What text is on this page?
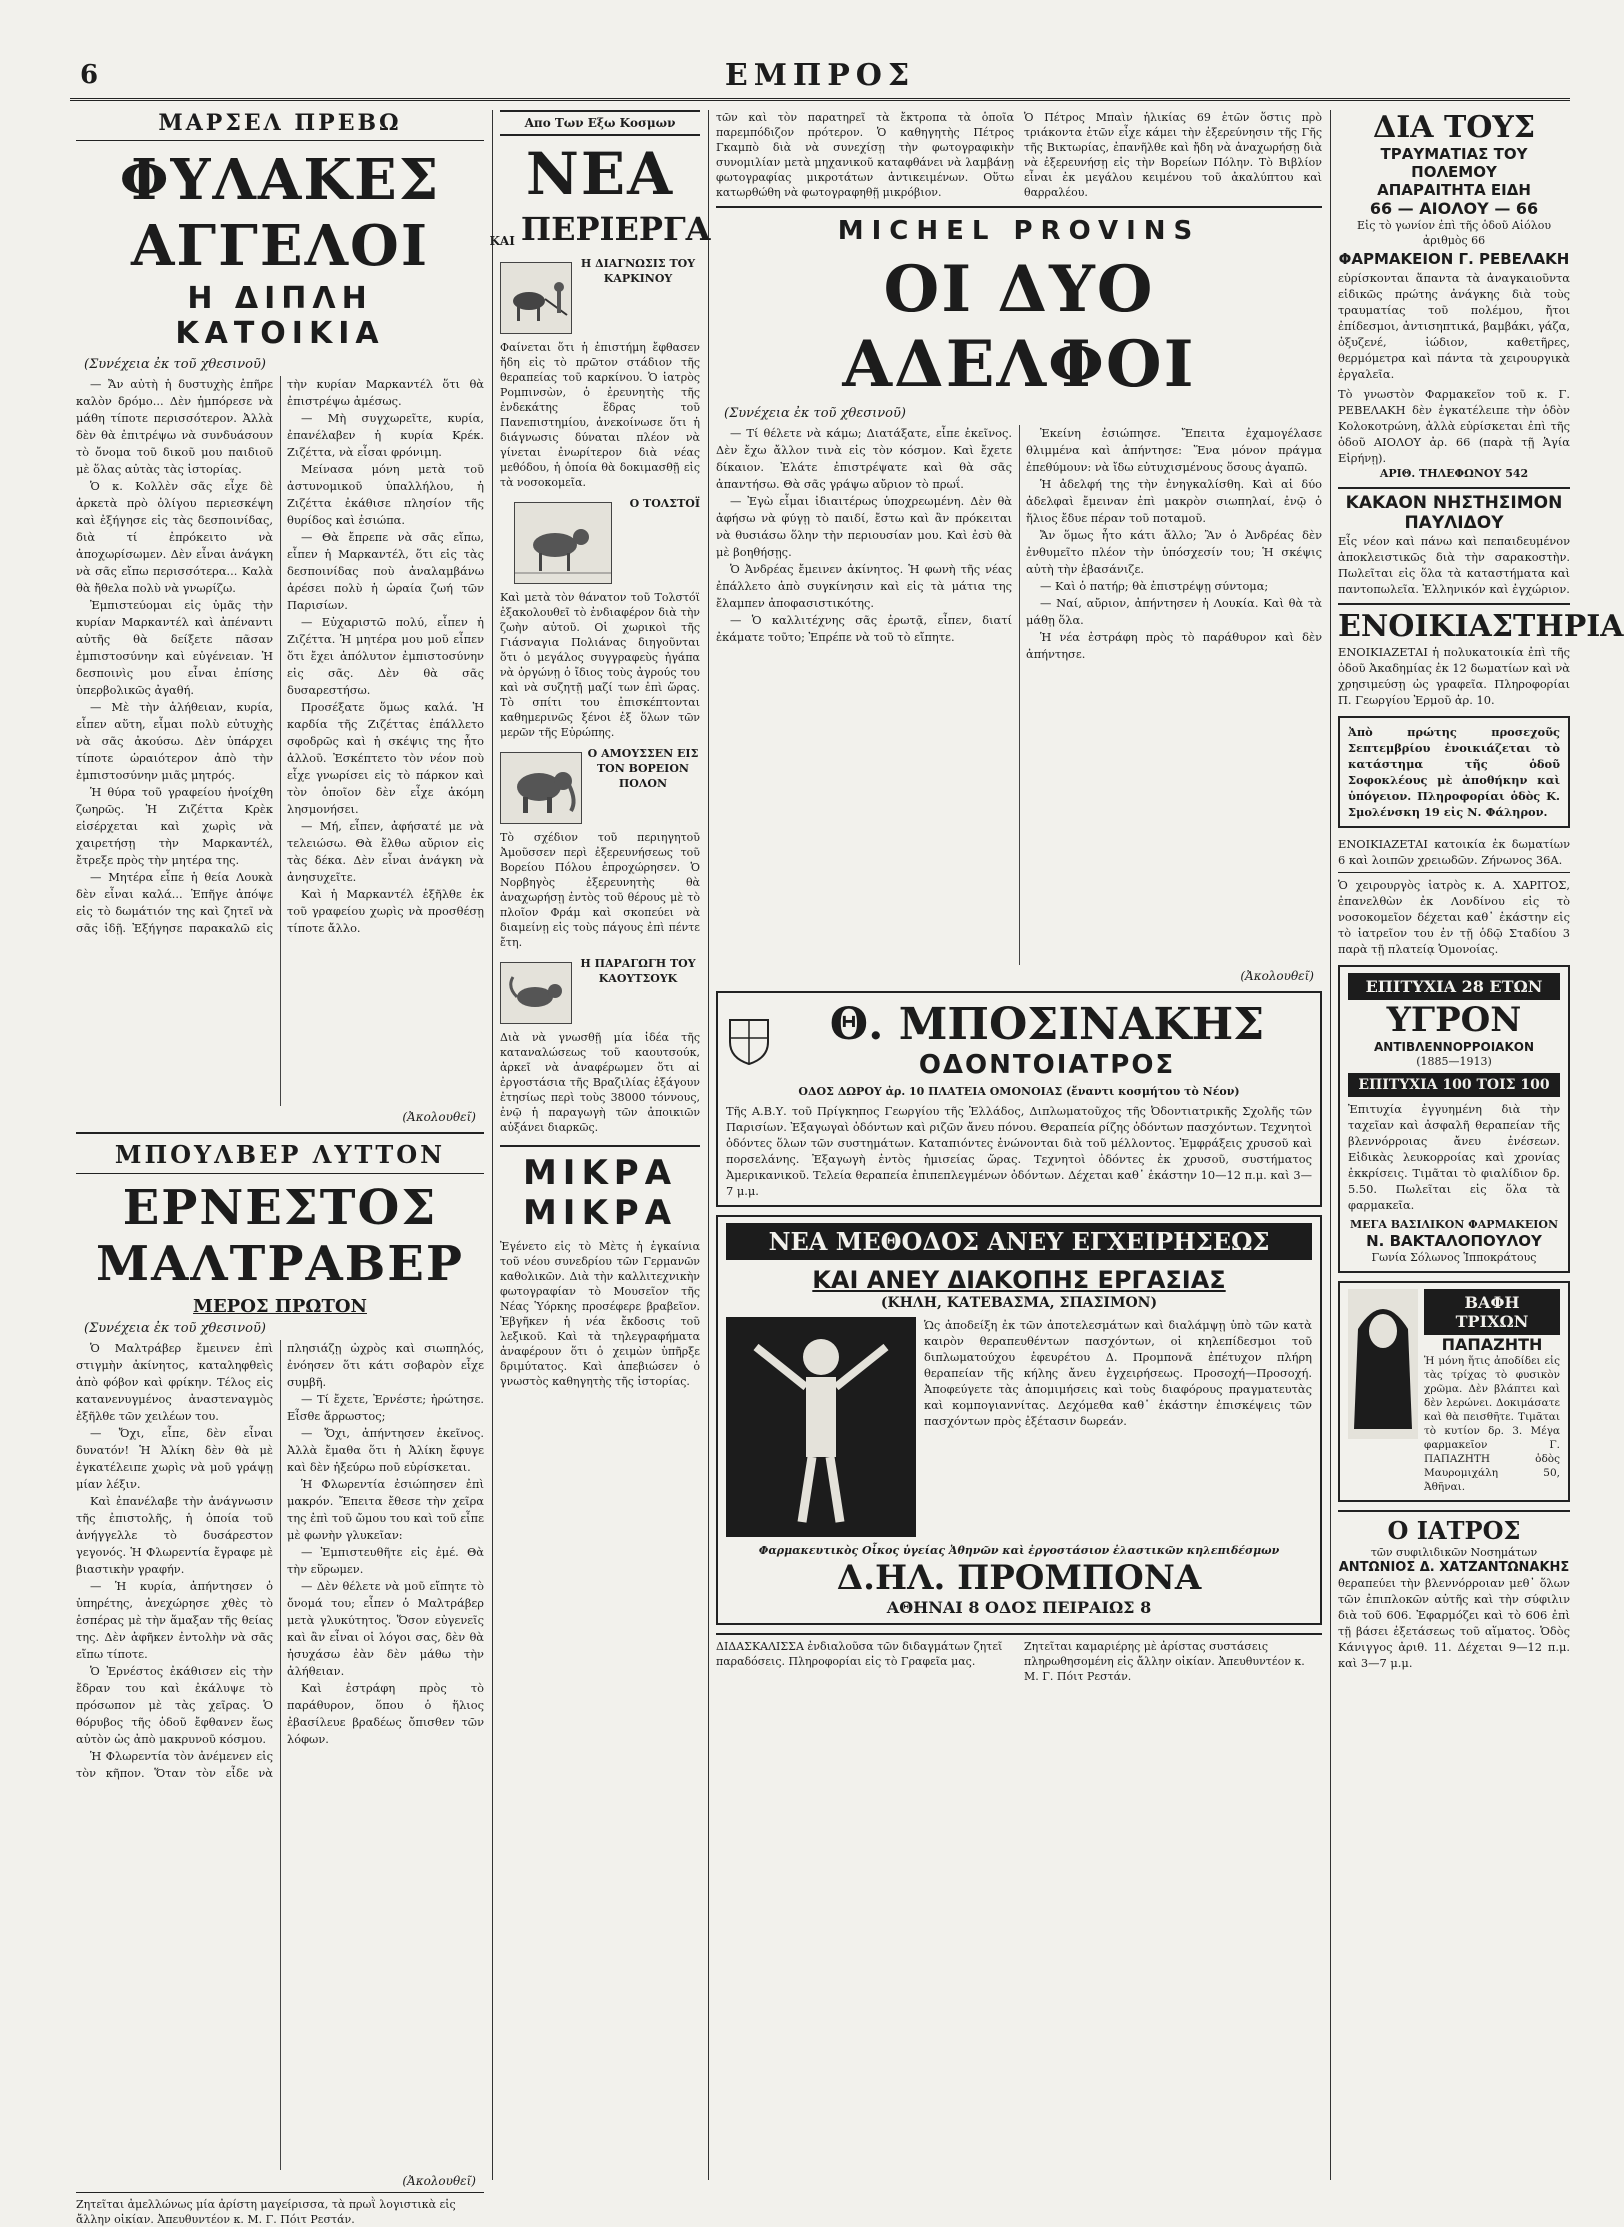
6	ΕΜΠΡΟΣ
ΜΑΡΣΕΛ ΠΡΕΒΩ
ΦΥΛΑΚΕΣ ΑΓΓΕΛΟΙ
Η ΔΙΠΛΗ ΚΑΤΟΙΚΙΑ
(Συνέχεια ἐκ τοῦ χθεσινοῦ)

— Ἄν αὐτὴ ἡ δυστυχὴς ἐπῆρε καλὸν δρόμο... Δὲν ἠμπόρεσε νὰ μάθη τίποτε περισσότερον. Ἀλλὰ δὲν θὰ ἐπιτρέψω νὰ συνδυάσουν τὸ ὄνομα τοῦ δικοῦ μου παιδιοῦ μὲ ὅλας αὐτὰς τὰς ἱστορίας.

Ὁ κ. Κολλὲν σᾶς εἶχε δὲ ἀρκετὰ πρὸ ὀλίγου περιεσκέψη καὶ ἐξήγησε εἰς τὰς δεσποινίδας, διὰ τί ἐπρόκειτο νὰ ἀποχωρίσωμεν. Δὲν εἶναι ἀνάγκη νὰ σᾶς εἴπω περισσότερα... Καλὰ θὰ ἤθελα πολὺ νὰ γνωρίζω.

Ἐμπιστεύομαι εἰς ὑμᾶς τὴν κυρίαν Μαρκαντέλ καὶ ἀπέναντι αὐτῆς θὰ δείξετε πᾶσαν ἐμπιστοσύνην καὶ εὐγένειαν. Ἡ δεσποινὶς μου εἶναι ἐπίσης ὑπερβολικῶς ἀγαθή.

— Μὲ τὴν ἀλήθειαν, κυρία, εἶπεν αὕτη, εἶμαι πολὺ εὐτυχὴς νὰ σᾶς ἀκούσω. Δὲν ὑπάρχει τίποτε ὡραιότερον ἀπὸ τὴν ἐμπιστοσύνην μιᾶς μητρός.

Ἡ θύρα τοῦ γραφείου ἠνοίχθη ζωηρῶς. Ἡ Ζιζέττα Κρὲκ εἰσέρχεται καὶ χωρὶς νὰ χαιρετήσῃ τὴν Μαρκαντέλ, ἔτρεξε πρὸς τὴν μητέρα της.

— Μητέρα εἶπε ἡ θεία Λουκὰ δὲν εἶναι καλά... Ἐπῆγε ἀπόψε εἰς τὸ δωμάτιόν της καὶ ζητεῖ νὰ σᾶς ἰδῇ. Ἐξήγησε παρακαλῶ εἰς τὴν κυρίαν Μαρκαντέλ ὅτι θὰ ἐπιστρέψω ἀμέσως.

— Μὴ συγχωρεῖτε, κυρία, ἐπανέλαβεν ἡ κυρία Κρέκ. Ζιζέττα, νὰ εἶσαι φρόνιμη.

Μείνασα μόνη μετὰ τοῦ ἀστυνομικοῦ ὑπαλλήλου, ἡ Ζιζέττα ἐκάθισε πλησίον τῆς θυρίδος καὶ ἐσιώπα.

— Θὰ ἔπρεπε νὰ σᾶς εἴπω, εἶπεν ἡ Μαρκαντέλ, ὅτι εἰς τὰς δεσποινίδας ποὺ ἀναλαμβάνω ἀρέσει πολὺ ἡ ὡραία ζωή τῶν Παρισίων.

— Εὐχαριστῶ πολύ, εἶπεν ἡ Ζιζέττα. Ἡ μητέρα μου μοῦ εἶπεν ὅτι ἔχει ἀπόλυτον ἐμπιστοσύνην εἰς σᾶς. Δὲν θὰ σᾶς δυσαρεστήσω.

Προσέξατε ὅμως καλά. Ἡ καρδία τῆς Ζιζέττας ἐπάλλετο σφοδρῶς καὶ ἡ σκέψις της ἦτο ἀλλοῦ. Ἐσκέπτετο τὸν νέον ποὺ εἶχε γνωρίσει εἰς τὸ πάρκον καὶ τὸν ὁποῖον δὲν εἶχε ἀκόμη λησμονήσει.

— Μή, εἶπεν, ἀφήσατέ με νὰ τελειώσω. Θὰ ἔλθω αὔριον εἰς τὰς δέκα. Δὲν εἶναι ἀνάγκη νὰ ἀνησυχεῖτε.

Καὶ ἡ Μαρκαντέλ ἐξῆλθε ἐκ τοῦ γραφείου χωρὶς νὰ προσθέσῃ τίποτε ἄλλο.

(Ἀκολουθεῖ)
ΜΠΟΥΛΒΕΡ ΛΥΤΤΟΝ
ΕΡΝΕΣΤΟΣ ΜΑΛΤΡΑΒΕΡ
ΜΕΡΟΣ ΠΡΩΤΟΝ
(Συνέχεια ἐκ τοῦ χθεσινοῦ)

Ὁ Μαλτράβερ ἔμεινεν ἐπὶ στιγμὴν ἀκίνητος, καταληφθεὶς ἀπὸ φόβον καὶ φρίκην. Τέλος εἰς κατανενυγμένος ἀναστεναγμὸς ἐξῆλθε τῶν χειλέων του.

— Ὄχι, εἶπε, δὲν εἶναι δυνατόν! Ἡ Ἀλίκη δὲν θὰ μὲ ἐγκατέλειπε χωρὶς νὰ μοῦ γράψῃ μίαν λέξιν.

Καὶ ἐπανέλαβε τὴν ἀνάγνωσιν τῆς ἐπιστολῆς, ἡ ὁποία τοῦ ἀνήγγελλε τὸ δυσάρεστον γεγονός. Ἡ Φλωρεντία ἔγραφε μὲ βιαστικὴν γραφήν.

— Ἡ κυρία, ἀπήντησεν ὁ ὑπηρέτης, ἀνεχώρησε χθὲς τὸ ἑσπέρας μὲ τὴν ἅμαξαν τῆς θείας της. Δὲν ἀφῆκεν ἐντολὴν νὰ σᾶς εἴπω τίποτε.

Ὁ Ἐρνέστος ἐκάθισεν εἰς τὴν ἔδραν του καὶ ἐκάλυψε τὸ πρόσωπον μὲ τὰς χεῖρας. Ὁ θόρυβος τῆς ὁδοῦ ἔφθανεν ἕως αὐτὸν ὡς ἀπὸ μακρυνοῦ κόσμου.

Ἡ Φλωρεντία τὸν ἀνέμενεν εἰς τὸν κῆπον. Ὅταν τὸν εἶδε νὰ πλησιάζῃ ὠχρὸς καὶ σιωπηλός, ἐνόησεν ὅτι κάτι σοβαρὸν εἶχε συμβῆ.

— Τί ἔχετε, Ἐρνέστε; ἠρώτησε. Εἶσθε ἄρρωστος;

— Ὄχι, ἀπήντησεν ἐκεῖνος. Ἀλλὰ ἔμαθα ὅτι ἡ Ἀλίκη ἔφυγε καὶ δὲν ἠξεύρω ποῦ εὑρίσκεται.

Ἡ Φλωρεντία ἐσιώπησεν ἐπὶ μακρόν. Ἔπειτα ἔθεσε τὴν χεῖρα της ἐπὶ τοῦ ὤμου του καὶ τοῦ εἶπε μὲ φωνὴν γλυκεῖαν:

— Ἐμπιστευθῆτε εἰς ἐμέ. Θὰ τὴν εὕρωμεν.

— Δὲν θέλετε νὰ μοῦ εἴπητε τὸ ὄνομά του; εἶπεν ὁ Μαλτράβερ μετὰ γλυκύτητος. Ὅσον εὐγενεῖς καὶ ἂν εἶναι οἱ λόγοι σας, δὲν θὰ ἠσυχάσω ἐὰν δὲν μάθω τὴν ἀλήθειαν.

Καὶ ἐστράφη πρὸς τὸ παράθυρον, ὅπου ὁ ἥλιος ἐβασίλευε βραδέως ὄπισθεν τῶν λόφων.

(Ἀκολουθεῖ)
Ζητεῖται ἀμελλώνως μία ἀρίστη μαγείρισσα, τὰ πρωῒ λογιστικὰ εἰς ἄλλην οἰκίαν. Ἀπευθυντέον κ. Μ. Γ. Πόιτ Ρεστάν.
Απο Των Εξω Κοσμων
ΝΕΑ
ΚΑΙ ΠΕΡΙΕΡΓΑ
Η ΔΙΑΓΝΩΣΙΣ ΤΟΥ ΚΑΡΚΙΝΟΥ
Φαίνεται ὅτι ἡ ἐπιστήμη ἔφθασεν ἤδη εἰς τὸ πρῶτον στάδιον τῆς θεραπείας τοῦ καρκίνου. Ὁ ἰατρὸς Ρομπινσὼν, ὁ ἐρευνητὴς τῆς ἐνδεκάτης ἕδρας τοῦ Πανεπιστημίου, ἀνεκοίνωσε ὅτι ἡ διάγνωσις δύναται πλέον νὰ γίνεται ἐνωρίτερον διὰ νέας μεθόδου, ἡ ὁποία θὰ δοκιμασθῇ εἰς τὰ νοσοκομεῖα.
Ο ΤΟΛΣΤΟΪ
Καὶ μετὰ τὸν θάνατον τοῦ Τολστόϊ ἐξακολουθεῖ τὸ ἐνδιαφέρον διὰ τὴν ζωὴν αὐτοῦ. Οἱ χωρικοὶ τῆς Γιάσναγια Πολιάνας διηγοῦνται ὅτι ὁ μεγάλος συγγραφεὺς ἠγάπα νὰ ὀργώνῃ ὁ ἴδιος τοὺς ἀγρούς του καὶ νὰ συζητῇ μαζί των ἐπὶ ὥρας. Τὸ σπίτι του ἐπισκέπτονται καθημερινῶς ξένοι ἐξ ὅλων τῶν μερῶν τῆς Εὐρώπης.
Ο ΑΜΟΥΣΣΕΝ ΕΙΣ ΤΟΝ ΒΟΡΕΙΟΝ ΠΟΛΟΝ
Τὸ σχέδιον τοῦ περιηγητοῦ Ἀμοῦσσεν περὶ ἐξερευνήσεως τοῦ Βορείου Πόλου ἐπροχώρησεν. Ὁ Νορβηγὸς ἐξερευνητὴς θὰ ἀναχωρήσῃ ἐντὸς τοῦ θέρους μὲ τὸ πλοῖον Φράμ καὶ σκοπεύει νὰ διαμείνῃ εἰς τοὺς πάγους ἐπὶ πέντε ἔτη.
Η ΠΑΡΑΓΩΓΗ ΤΟΥ ΚΑΟΥΤΣΟΥΚ
Διὰ νὰ γνωσθῇ μία ἰδέα τῆς καταναλώσεως τοῦ καουτσούκ, ἀρκεῖ νὰ ἀναφέρωμεν ὅτι αἱ ἐργοστάσια τῆς Βραζιλίας ἐξάγουν ἐτησίως περὶ τοὺς 38000 τόννους, ἐνῷ ἡ παραγωγὴ τῶν ἀποικιῶν αὐξάνει διαρκῶς.
ΜΙΚΡΑ
ΜΙΚΡΑ
Ἐγένετο εἰς τὸ Μὲτς ἡ ἐγκαίνια τοῦ νέου συνεδρίου τῶν Γερμανῶν καθολικῶν. Διὰ τὴν καλλιτεχνικὴν φωτογραφίαν τὸ Μουσεῖον τῆς Νέας Ὑόρκης προσέφερε βραβεῖον. Ἐβγῆκεν ἡ νέα ἔκδοσις τοῦ λεξικοῦ. Καὶ τὰ τηλεγραφήματα ἀναφέρουν ὅτι ὁ χειμὼν ὑπῆρξε δριμύτατος. Καὶ ἀπεβιώσεν ὁ γνωστὸς καθηγητὴς τῆς ἱστορίας.
τῶν καὶ τὸν παρατηρεῖ τὰ ἔκτροπα τὰ ὁποῖα παρεμπόδιζον πρότερον. Ὁ καθηγητὴς Πέτρος Γκαμπὸ διὰ νὰ συνεχίσῃ τὴν φωτογραφικὴν συνομιλίαν μετὰ μηχανικοῦ καταφθάνει νὰ λαμβάνῃ φωτογραφίας μικροτάτων ἀντικειμένων. Οὕτω κατωρθώθη νὰ φωτογραφηθῇ μικρόβιον.
Ὁ Πέτρος Μπαὶν ἡλικίας 69 ἐτῶν ὅστις πρὸ τριάκοντα ἐτῶν εἶχε κάμει τὴν ἐξερεύνησιν τῆς Γῆς τῆς Βικτωρίας, ἐπανῆλθε καὶ ἤδη νὰ ἀναχωρήσῃ διὰ νὰ ἐξερευνήσῃ εἰς τὴν Βορείων Πόλην. Τὸ Βιβλίον εἶναι ἐκ μεγάλου κειμένου τοῦ ἀκαλύπτου καὶ θαρραλέου.
MICHEL PROVINS
ΟΙ ΔΥΟ ΑΔΕΛΦΟΙ
(Συνέχεια ἐκ τοῦ χθεσινοῦ)

— Τί θέλετε νὰ κάμω; Διατάξατε, εἶπε ἐκεῖνος. Δὲν ἔχω ἄλλον τινὰ εἰς τὸν κόσμον. Καὶ ἔχετε δίκαιον. Ἐλάτε ἐπιστρέψατε καὶ θὰ σᾶς ἀπαντήσω. Θὰ σᾶς γράψω αὔριον τὸ πρωΐ.

— Ἐγὼ εἶμαι ἰδιαιτέρως ὑποχρεωμένη. Δὲν θὰ ἀφήσω νὰ φύγῃ τὸ παιδί, ἔστω καὶ ἂν πρόκειται νὰ θυσιάσω ὅλην τὴν περιουσίαν μου. Καὶ ἐσὺ θὰ μὲ βοηθήσῃς.

Ὁ Ἀνδρέας ἔμεινεν ἀκίνητος. Ἡ φωνὴ τῆς νέας ἐπάλλετο ἀπὸ συγκίνησιν καὶ εἰς τὰ μάτια της ἔλαμπεν ἀποφασιστικότης.

— Ὁ καλλιτέχνης σᾶς ἐρωτᾷ, εἶπεν, διατί ἐκάματε τοῦτο; Ἐπρέπε νὰ τοῦ τὸ εἴπητε.

Ἐκείνη ἐσιώπησε. Ἔπειτα ἐχαμογέλασε θλιμμένα καὶ ἀπήντησε: Ἕνα μόνον πράγμα ἐπεθύμουν: νὰ ἴδω εὐτυχισμένους ὅσους ἀγαπῶ.

Ἡ ἀδελφή της τὴν ἐνηγκαλίσθη. Καὶ αἱ δύο ἀδελφαὶ ἔμειναν ἐπὶ μακρὸν σιωπηλαί, ἐνῷ ὁ ἥλιος ἔδυε πέραν τοῦ ποταμοῦ.

Ἄν ὅμως ἦτο κάτι ἄλλο; Ἂν ὁ Ἀνδρέας δὲν ἐνθυμεῖτο πλέον τὴν ὑπόσχεσίν του; Ἡ σκέψις αὐτὴ τὴν ἐβασάνιζε.

— Καὶ ὁ πατήρ; θὰ ἐπιστρέψῃ σύντομα;

— Ναί, αὔριον, ἀπήντησεν ἡ Λουκία. Καὶ θὰ τὰ μάθῃ ὅλα.

Ἡ νέα ἐστράφη πρὸς τὸ παράθυρον καὶ δὲν ἀπήντησε.

(Ἀκολουθεῖ)
Θ. ΜΠΟΣΙΝΑΚΗΣ
ΟΔΟΝΤΟΙΑΤΡΟΣ
ΟΔΟΣ ΔΩΡΟΥ ἀρ. 10 ΠΛΑΤΕΙΑ ΟΜΟΝΟΙΑΣ (ἔναντι κοσμήτου τὸ Νέον)
Τῆς Α.Β.Υ. τοῦ Πρίγκηπος Γεωργίου τῆς Ἑλλάδος, Διπλωματοῦχος τῆς Ὀδοντιατρικῆς Σχολῆς τῶν Παρισίων. Ἐξαγωγαὶ ὀδόντων καὶ ριζῶν ἄνευ πόνου. Θεραπεία ρίζης ὀδόντων πασχόντων. Τεχνητοὶ ὀδόντες ὅλων τῶν συστημάτων. Καταπιόντες ἐνώνονται διὰ τοῦ μέλλοντος. Ἐμφράξεις χρυσοῦ καὶ πορσελάνης. Ἐξαγωγὴ ἐντὸς ἡμισείας ὥρας. Τεχνητοὶ ὀδόντες ἐκ χρυσοῦ, συστήματος Ἀμερικανικοῦ. Τελεία θεραπεία ἐπιπεπλεγμένων ὀδόντων. Δέχεται καθ᾽ ἑκάστην 10—12 π.μ. καὶ 3—7 μ.μ.
ΝΕΑ ΜΕΘΟΔΟΣ ΑΝΕΥ ΕΓΧΕΙΡΗΣΕΩΣ
ΚΑΙ ΑΝΕΥ ΔΙΑΚΟΠΗΣ ΕΡΓΑΣΙΑΣ
(ΚΗΛΗ, ΚΑΤΕΒΑΣΜΑ, ΣΠΑΣΙΜΟΝ)
Ὡς ἀποδείξη ἐκ τῶν ἀποτελεσμάτων καὶ διαλάμψῃ ὑπὸ τῶν κατὰ καιρὸν θεραπευθέντων πασχόντων, οἱ κηλεπίδεσμοι τοῦ διπλωματούχου ἐφευρέτου Δ. Προμπονᾶ ἐπέτυχον πλήρη θεραπείαν τῆς κήλης ἄνευ ἐγχειρήσεως. Προσοχή—Προσοχή. Ἀποφεύγετε τὰς ἀπομιμήσεις καὶ τοὺς διαφόρους πραγματευτὰς καὶ κομπογιαννίτας. Δεχόμεθα καθ᾽ ἑκάστην ἐπισκέψεις τῶν πασχόντων πρὸς ἐξέτασιν δωρεάν.
Φαρμακευτικὸς Οἶκος ὑγείας Ἀθηνῶν καὶ ἐργοστάσιον ἐλαστικῶν κηλεπιδέσμων
Δ.ΗΛ. ΠΡΟΜΠΟΝΑ
ΑΘΗΝΑΙ 8 ΟΔΟΣ ΠΕΙΡΑΙΩΣ 8
ΔΙΔΑΣΚΑΛΙΣΣΑ ἐνδιαλοῦσα τῶν διδαγμάτων ζητεῖ παραδόσεις. Πληροφορίαι εἰς τὸ Γραφεῖα μας.
Ζητεῖται καμαριέρης μὲ ἀρίστας συστάσεις πληρωθησομένη εἰς ἄλλην οἰκίαν. Ἀπευθυντέον κ. Μ. Γ. Πόιτ Ρεστάν.
ΔΙΑ ΤΟΥΣ
ΤΡΑΥΜΑΤΙΑΣ ΤΟΥ ΠΟΛΕΜΟΥ
ΑΠΑΡΑΙΤΗΤΑ ΕΙΔΗ
66 — ΑΙΟΛΟΥ — 66
Εἰς τὸ γωνίον ἐπὶ τῆς ὁδοῦ Αἰόλου ἀριθμὸς 66
ΦΑΡΜΑΚΕΙΟΝ Γ. ΡΕΒΕΛΑΚΗ
εὑρίσκονται ἅπαντα τὰ ἀναγκαιοῦντα εἰδικῶς πρώτης ἀνάγκης διὰ τοὺς τραυματίας τοῦ πολέμου, ἤτοι ἐπίδεσμοι, ἀντισηπτικά, βαμβάκι, γάζα, ὀξυζενέ, ἰώδιον, καθετῆρες, θερμόμετρα καὶ πάντα τὰ χειρουργικὰ ἐργαλεῖα.
Τὸ γνωστὸν Φαρμακεῖον τοῦ κ. Γ. ΡΕΒΕΛΑΚΗ δὲν ἐγκατέλειπε τὴν ὁδὸν Κολοκοτρώνη, ἀλλὰ εὑρίσκεται ἐπὶ τῆς ὁδοῦ ΑΙΟΛΟΥ ἀρ. 66 (παρὰ τῇ Ἁγία Εἰρήνῃ).
ΑΡΙΘ. ΤΗΛΕΦΩΝΟΥ 542
ΚΑΚΑΟΝ ΝΗΣΤΗΣΙΜΟΝ
ΠΑΥΛΙΔΟΥ
Εἶς νέον καὶ πάνω καὶ πεπαιδευμένον ἀποκλειστικῶς διὰ τὴν σαρακοστὴν. Πωλεῖται εἰς ὅλα τὰ καταστήματα καὶ παντοπωλεῖα. Ἑλληνικόν καὶ ἐγχώριον.
ΕΝΟΙΚΙΑΣΤΗΡΙΑ
ΕΝΟΙΚΙΑΖΕΤΑΙ ἡ πολυκατοικία ἐπὶ τῆς ὁδοῦ Ἀκαδημίας ἐκ 12 δωματίων καὶ νὰ χρησιμεύσῃ ὡς γραφεῖα. Πληροφορίαι Π. Γεωργίου Ἐρμοῦ ἀρ. 10.
Ἀπὸ πρώτης προσεχοῦς Σεπτεμβρίου ἐνοικιάζεται τὸ κατάστημα τῆς ὁδοῦ Σοφοκλέους μὲ ἀποθήκην καὶ ὑπόγειον. Πληροφορίαι ὁδὸς Κ. Σμολένσκη 19 εἰς Ν. Φάληρον.
ΕΝΟΙΚΙΑΖΕΤΑΙ κατοικία ἐκ δωματίων 6 καὶ λοιπῶν χρειωδῶν. Ζήνωνος 36Α.
Ὁ χειρουργὸς ἰατρὸς κ. Α. ΧΑΡΙΤΟΣ, ἐπανελθὼν ἐκ Λονδίνου εἰς τὸ νοσοκομεῖον δέχεται καθ᾽ ἑκάστην εἰς τὸ ἰατρεῖον του ἐν τῇ ὁδῷ Σταδίου 3 παρὰ τῇ πλατείᾳ Ὁμονοίας.
ΕΠΙΤΥΧΙΑ 28 ΕΤΩΝ
ΥΓΡΟΝ
ΑΝΤΙΒΛΕΝΝΟΡΡΟΙΑΚΟΝ
(1885—1913)
ΕΠΙΤΥΧΙΑ 100 ΤΟΙΣ 100
Ἐπιτυχία ἐγγυημένη διὰ τὴν ταχεῖαν καὶ ἀσφαλῆ θεραπείαν τῆς βλεννόρροιας ἄνευ ἐνέσεων. Εἰδικὰς λευκορροίας καὶ χρονίας ἐκκρίσεις. Τιμᾶται τὸ φιαλίδιον δρ. 5.50. Πωλεῖται εἰς ὅλα τὰ φαρμακεῖα.
ΜΕΓΑ ΒΑΣΙΛΙΚΟΝ ΦΑΡΜΑΚΕΙΟΝ
Ν. ΒΑΚΤΑΛΟΠΟΥΛΟΥ
Γωνία Σόλωνος Ἱπποκράτους
ΒΑΦΗ ΤΡΙΧΩΝ
ΠΑΠΑΖΗΤΗ
Ἡ μόνη ἥτις ἀποδίδει εἰς τὰς τρίχας τὸ φυσικὸν χρῶμα. Δὲν βλάπτει καὶ δὲν λερώνει. Δοκιμάσατε καὶ θὰ πεισθῆτε. Τιμᾶται τὸ κυτίον δρ. 3. Μέγα φαρμακεῖον Γ. ΠΑΠΑΖΗΤΗ ὁδὸς Μαυρομιχάλη 50, Ἀθῆναι.
Ο ΙΑΤΡΟΣ
τῶν συφιλιδικῶν Νοσημάτων
ΑΝΤΩΝΙΟΣ Δ. ΧΑΤΖΑΝΤΩΝΑΚΗΣ
θεραπεύει τὴν βλεννόρροιαν μεθ᾽ ὅλων τῶν ἐπιπλοκῶν αὐτῆς καὶ τὴν σύφιλιν διὰ τοῦ 606. Ἐφαρμόζει καὶ τὸ 606 ἐπὶ τῇ βάσει ἐξετάσεως τοῦ αἵματος. Ὁδὸς Κάνιγγος ἀριθ. 11. Δέχεται 9—12 π.μ. καὶ 3—7 μ.μ.
